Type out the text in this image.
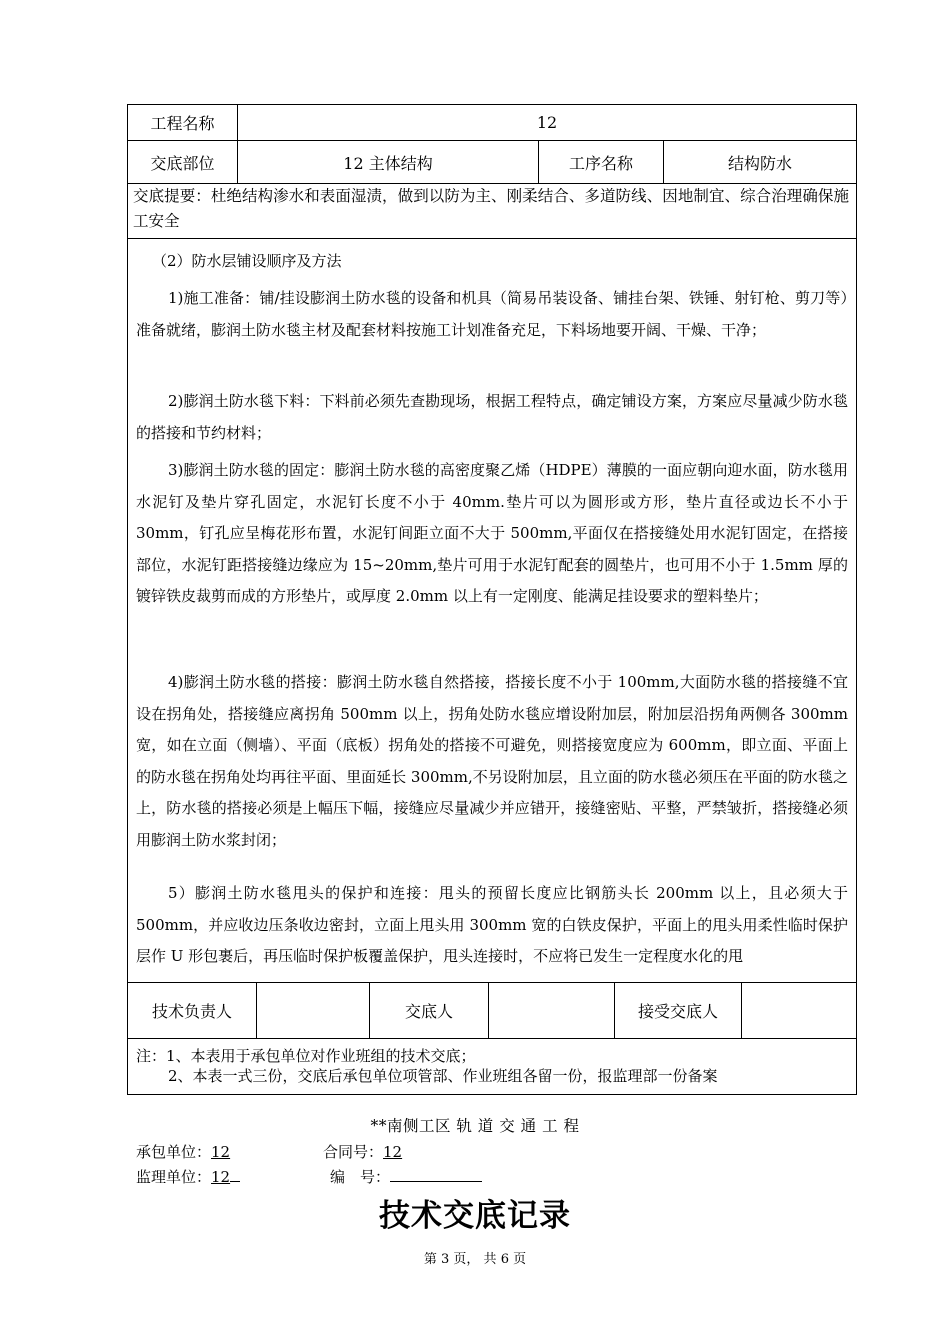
工程名称	12
交底部位	12 主体结构	工序名称	结构防水
交底提要：杜绝结构渗水和表面湿渍，做到以防为主、刚柔结合、多道防线、因地制宜、综合治理确保施工安全
（2）防水层铺设顺序及方法
1)施工准备：铺/挂设膨润土防水毯的设备和机具（简易吊装设备、铺挂台架、铁锤、射钉枪、剪刀等）准备就绪，膨润土防水毯主材及配套材料按施工计划准备充足，下料场地要开阔、干燥、干净；
2)膨润土防水毯下料：下料前必须先查勘现场，根据工程特点，确定铺设方案，方案应尽量减少防水毯的搭接和节约材料；
3)膨润土防水毯的固定：膨润土防水毯的高密度聚乙烯（HDPE）薄膜的一面应朝向迎水面，防水毯用水泥钉及垫片穿孔固定，水泥钉长度不小于 40mm.垫片可以为圆形或方形，垫片直径或边长不小于 30mm，钉孔应呈梅花形布置，水泥钉间距立面不大于 500mm,平面仅在搭接缝处用水泥钉固定，在搭接部位，水泥钉距搭接缝边缘应为 15~20mm,垫片可用于水泥钉配套的圆垫片，也可用不小于 1.5mm 厚的镀锌铁皮裁剪而成的方形垫片，或厚度 2.0mm 以上有一定刚度、能满足挂设要求的塑料垫片；
4)膨润土防水毯的搭接：膨润土防水毯自然搭接，搭接长度不小于 100mm,大面防水毯的搭接缝不宜设在拐角处，搭接缝应离拐角 500mm 以上，拐角处防水毯应增设附加层，附加层沿拐角两侧各 300mm 宽，如在立面（侧墙）、平面（底板）拐角处的搭接不可避免，则搭接宽度应为 600mm，即立面、平面上的防水毯在拐角处均再往平面、里面延长 300mm,不另设附加层，且立面的防水毯必须压在平面的防水毯之上，防水毯的搭接必须是上幅压下幅，接缝应尽量减少并应错开，接缝密贴、平整，严禁皱折，搭接缝必须用膨润土防水浆封闭；
5）膨润土防水毯甩头的保护和连接：甩头的预留长度应比钢筋头长 200mm 以上，且必须大于 500mm，并应收边压条收边密封，立面上甩头用 300mm 宽的白铁皮保护，平面上的甩头用柔性临时保护层作 U 形包裹后，再压临时保护板覆盖保护，甩头连接时，不应将已发生一定程度水化的甩
技术负责人	交底人	接受交底人
注：1、本表用于承包单位对作业班组的技术交底；
2、本表一式三份，交底后承包单位项管部、作业班组各留一份，报监理部一份备案
**南侧工区 轨 道 交 通 工 程
承包单位：12	合同号：12
监理单位：12	编　号：
技术交底记录
第 3 页， 共 6 页
